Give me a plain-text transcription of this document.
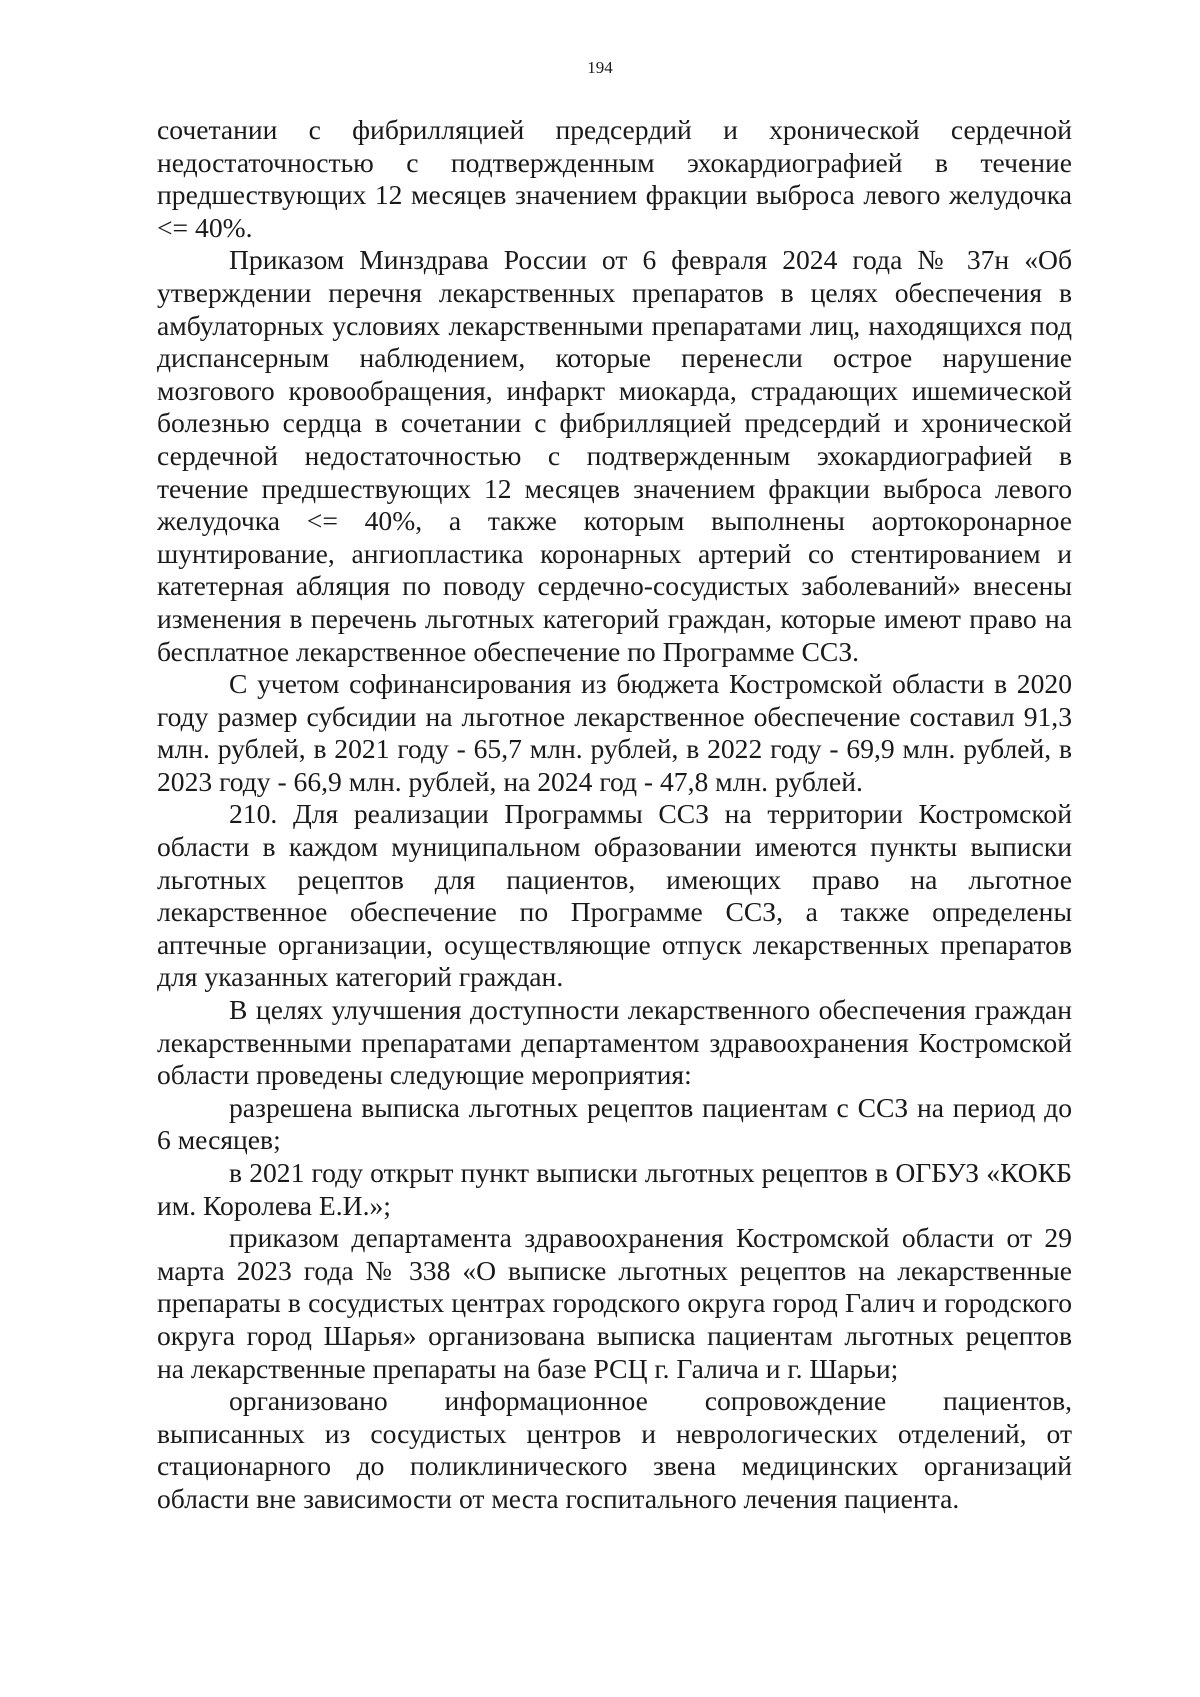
194

сочетании с фибрилляцией предсердий и хронической сердечной недостаточностью с подтвержденным эхокардиографией в течение предшествующих 12 месяцев значением фракции выброса левого желудочка <= 40%.

Приказом Минздрава России от 6 февраля 2024 года № 37н «Об утверждении перечня лекарственных препаратов в целях обеспечения в амбулаторных условиях лекарственными препаратами лиц, находящихся под диспансерным наблюдением, которые перенесли острое нарушение мозгового кровообращения, инфаркт миокарда, страдающих ишемической болезнью сердца в сочетании с фибрилляцией предсердий и хронической сердечной недостаточностью с подтвержденным эхокардиографией в течение предшествующих 12 месяцев значением фракции выброса левого желудочка <= 40%, а также которым выполнены аортокоронарное шунтирование, ангиопластика коронарных артерий со стентированием и катетерная абляция по поводу сердечно-сосудистых заболеваний» внесены изменения в перечень льготных категорий граждан, которые имеют право на бесплатное лекарственное обеспечение по Программе ССЗ.

С учетом софинансирования из бюджета Костромской области в 2020 году размер субсидии на льготное лекарственное обеспечение составил 91,3 млн. рублей, в 2021 году - 65,7 млн. рублей, в 2022 году - 69,9 млн. рублей, в 2023 году - 66,9 млн. рублей, на 2024 год - 47,8 млн. рублей.

210. Для реализации Программы ССЗ на территории Костромской области в каждом муниципальном образовании имеются пункты выписки льготных рецептов для пациентов, имеющих право на льготное лекарственное обеспечение по Программе ССЗ, а также определены аптечные организации, осуществляющие отпуск лекарственных препаратов для указанных категорий граждан.

В целях улучшения доступности лекарственного обеспечения граждан лекарственными препаратами департаментом здравоохранения Костромской области проведены следующие мероприятия:

разрешена выписка льготных рецептов пациентам с ССЗ на период до 6 месяцев;

в 2021 году открыт пункт выписки льготных рецептов в ОГБУЗ «КОКБ им. Королева Е.И.»;

приказом департамента здравоохранения Костромской области от 29 марта 2023 года № 338 «О выписке льготных рецептов на лекарственные препараты в сосудистых центрах городского округа город Галич и городского округа город Шарья» организована выписка пациентам льготных рецептов на лекарственные препараты на базе РСЦ г. Галича и г. Шарьи;

организовано информационное сопровождение пациентов, выписанных из сосудистых центров и неврологических отделений, от стационарного до поликлинического звена медицинских организаций области вне зависимости от места госпитального лечения пациента.
